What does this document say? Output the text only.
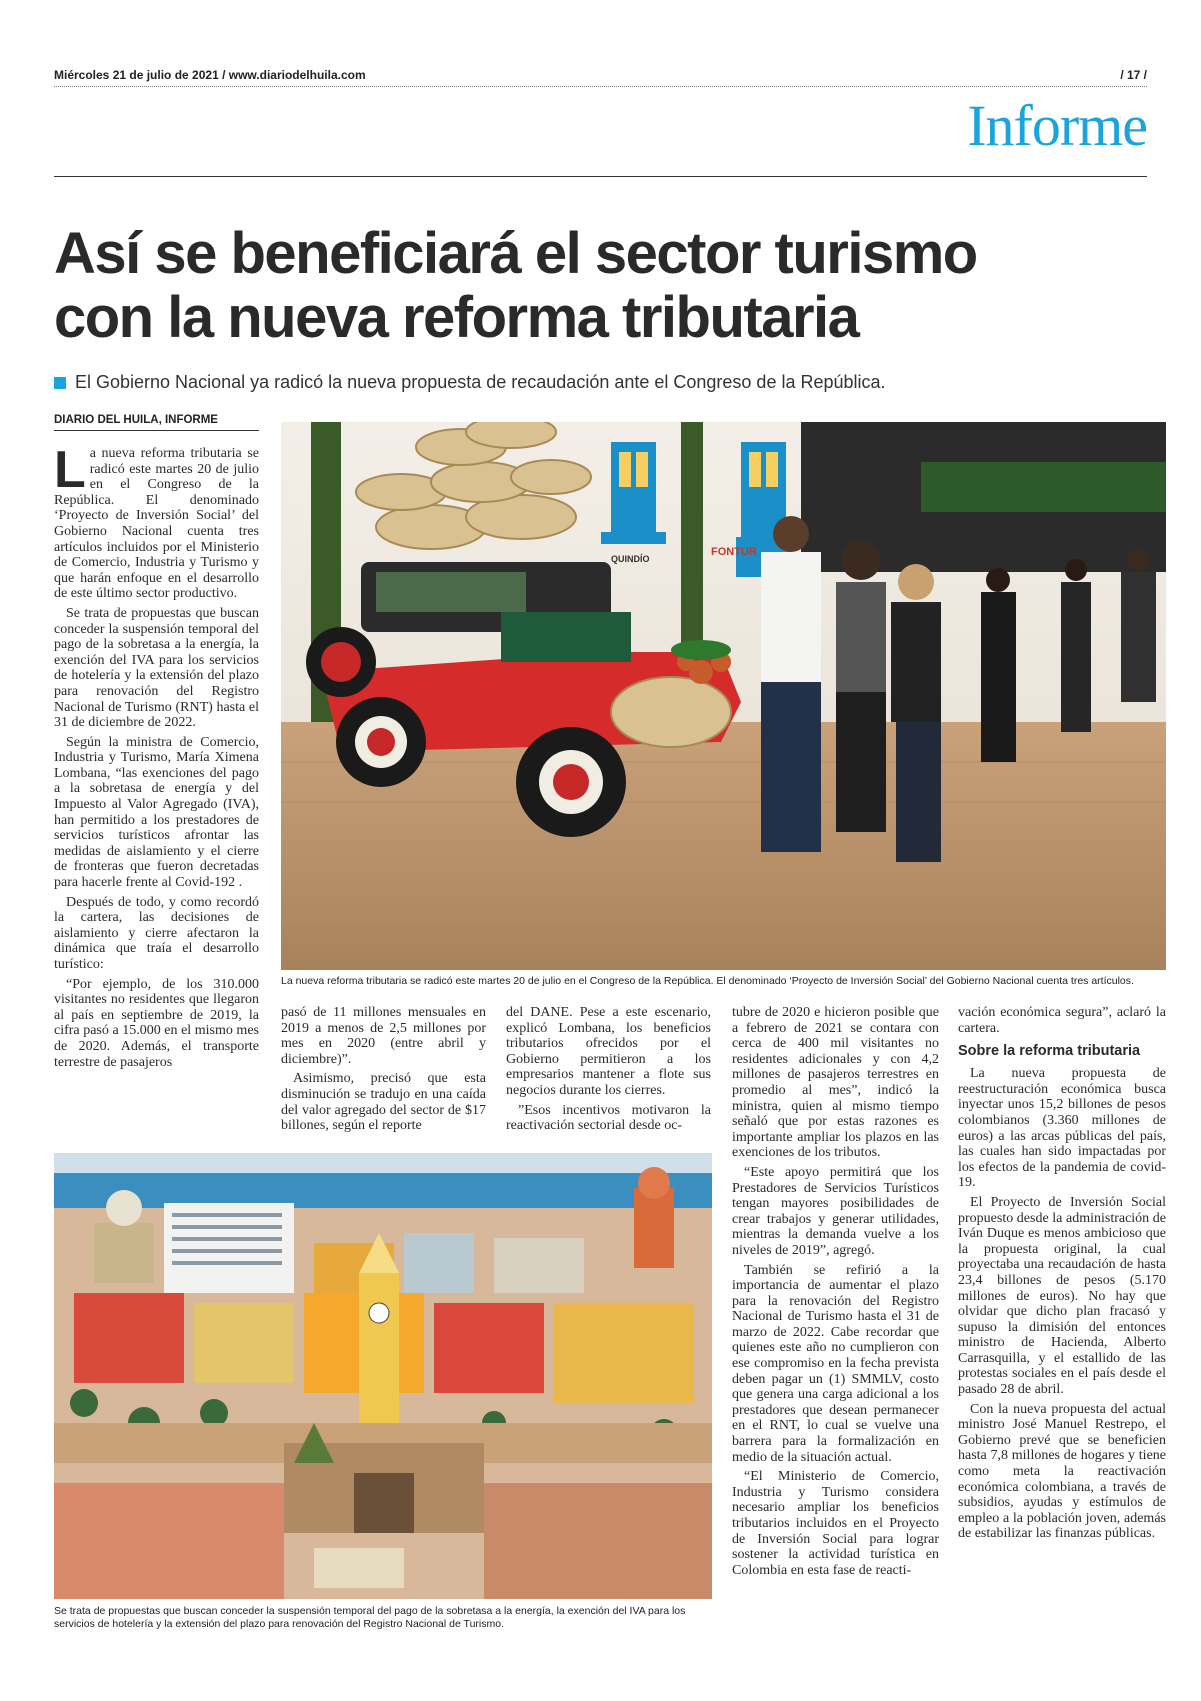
Miércoles 21 de julio de 2021 / www.diariodelhuila.com	/ 17 /
Informe
Así se beneficiará el sector turismo
con la nueva reforma tributaria
El Gobierno Nacional ya radicó la nueva propuesta de recaudación ante el Congreso de la República.
DIARIO DEL HUILA, INFORME

La nueva reforma tributaria se radicó este martes 20 de julio en el Congreso de la República. El denominado ‘Proyecto de Inversión Social’ del Gobierno Nacional cuenta tres artículos incluidos por el Ministerio de Comercio, Industria y Turismo y que harán enfoque en el desarrollo de este último sector productivo.

Se trata de propuestas que buscan conceder la suspensión temporal del pago de la sobretasa a la energía, la exención del IVA para los servicios de hotelería y la extensión del plazo para renovación del Registro Nacional de Turismo (RNT) hasta el 31 de diciembre de 2022.

Según la ministra de Comercio, Industria y Turismo, María Ximena Lombana, “las exenciones del pago a la sobretasa de energía y del Impuesto al Valor Agregado (IVA), han permitido a los prestadores de servicios turísticos afrontar las medidas de aislamiento y el cierre de fronteras que fueron decretadas para hacerle frente al Covid-192 .

Después de todo, y como recordó la cartera, las decisiones de aislamiento y cierre afectaron la dinámica que traía el desarrollo turístico:

“Por ejemplo, de los 310.000 visitantes no residentes que llegaron al país en septiembre de 2019, la cifra pasó a 15.000 en el mismo mes de 2020. Además, el transporte terrestre de pasajeros

QUINDÍO
FONTUR
La nueva reforma tributaria se radicó este martes 20 de julio en el Congreso de la República. El denominado ‘Proyecto de Inversión Social’ del Gobierno Nacional cuenta tres artículos.

pasó de 11 millones mensuales en 2019 a menos de 2,5 millones por mes en 2020 (entre abril y diciembre)”.

Asimismo, precisó que esta disminución se tradujo en una caída del valor agregado del sector de $17 billones, según el reporte

del DANE. Pese a este escenario, explicó Lombana, los beneficios tributarios ofrecidos por el Gobierno permitieron a los empresarios mantener a flote sus negocios durante los cierres.

”Esos incentivos motivaron la reactivación sectorial desde oc-

Se trata de propuestas que buscan conceder la suspensión temporal del pago de la sobretasa a la energía, la exención del IVA para los servicios de hotelería y la extensión del plazo para renovación del Registro Nacional de Turismo.

tubre de 2020 e hicieron posible que a febrero de 2021 se contara con cerca de 400 mil visitantes no residentes adicionales y con 4,2 millones de pasajeros terrestres en promedio al mes”, indicó la ministra, quien al mismo tiempo señaló que por estas razones es importante ampliar los plazos en las exenciones de los tributos.

“Este apoyo permitirá que los Prestadores de Servicios Turísticos tengan mayores posibilidades de crear trabajos y generar utilidades, mientras la demanda vuelve a los niveles de 2019”, agregó.

También se refirió a la importancia de aumentar el plazo para la renovación del Registro Nacional de Turismo hasta el 31 de marzo de 2022. Cabe recordar que quienes este año no cumplieron con ese compromiso en la fecha prevista deben pagar un (1) SMMLV, costo que genera una carga adicional a los prestadores que desean permanecer en el RNT, lo cual se vuelve una barrera para la formalización en medio de la situación actual.

“El Ministerio de Comercio, Industria y Turismo considera necesario ampliar los beneficios tributarios incluidos en el Proyecto de Inversión Social para lograr sostener la actividad turística en Colombia en esta fase de reacti-

vación económica segura”, aclaró la cartera.

Sobre la reforma tributaria

La nueva propuesta de reestructuración económica busca inyectar unos 15,2 billones de pesos colombianos (3.360 millones de euros) a las arcas públicas del país, las cuales han sido impactadas por los efectos de la pandemia de covid-19.

El Proyecto de Inversión Social propuesto desde la administración de Iván Duque es menos ambicioso que la propuesta original, la cual proyectaba una recaudación de hasta 23,4 billones de pesos (5.170 millones de euros). No hay que olvidar que dicho plan fracasó y supuso la dimisión del entonces ministro de Hacienda, Alberto Carrasquilla, y el estallido de las protestas sociales en el país desde el pasado 28 de abril.

Con la nueva propuesta del actual ministro José Manuel Restrepo, el Gobierno prevé que se beneficien hasta 7,8 millones de hogares y tiene como meta la reactivación económica colombiana, a través de subsidios, ayudas y estímulos de empleo a la población joven, además de estabilizar las finanzas públicas.
